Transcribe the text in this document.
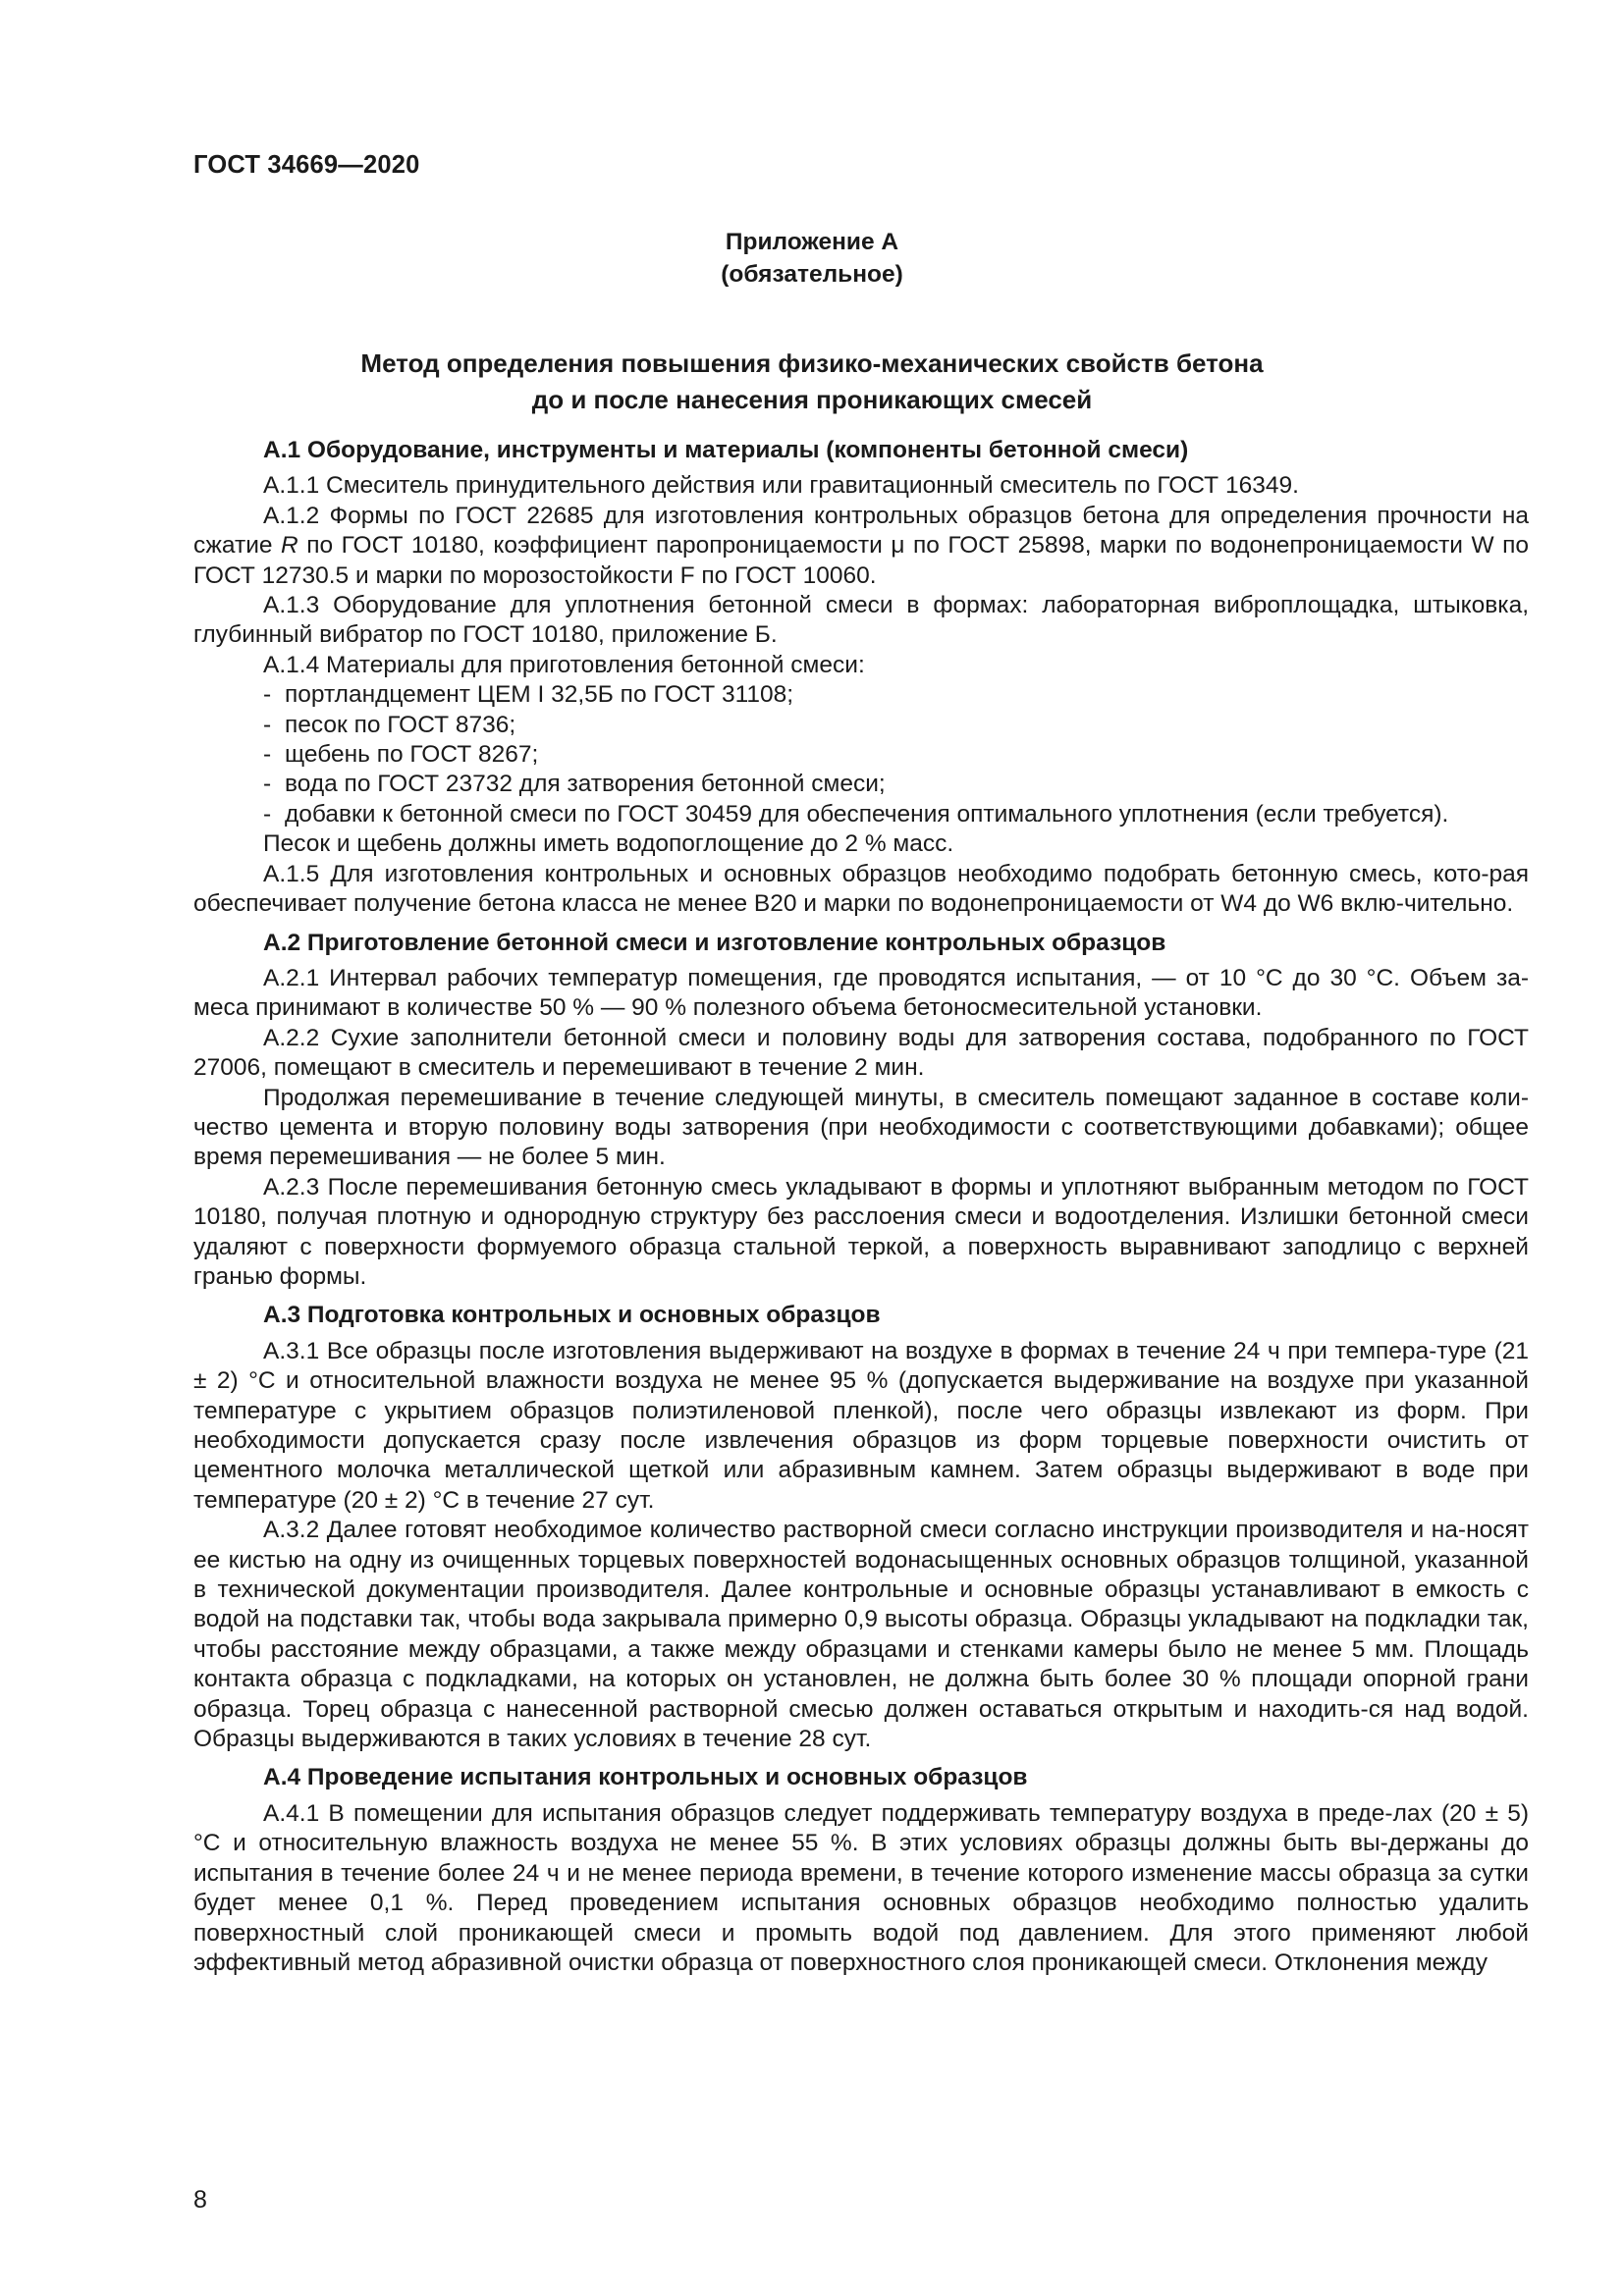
ГОСТ 34669—2020
Приложение А
(обязательное)
Метод определения повышения физико-механических свойств бетона
до и после нанесения проникающих смесей

А.1 Оборудование, инструменты и материалы (компоненты бетонной смеси)

А.1.1 Смеситель принудительного действия или гравитационный смеситель по ГОСТ 16349.

А.1.2 Формы по ГОСТ 22685 для изготовления контрольных образцов бетона для определения прочности на сжатие R по ГОСТ 10180, коэффициент паропроницаемости μ по ГОСТ 25898, марки по водонепроницаемости W по ГОСТ 12730.5 и марки по морозостойкости F по ГОСТ 10060.

А.1.3 Оборудование для уплотнения бетонной смеси в формах: лабораторная виброплощадка, штыковка, глубинный вибратор по ГОСТ 10180, приложение Б.

А.1.4 Материалы для приготовления бетонной смеси:

- портландцемент ЦЕМ I 32,5Б по ГОСТ 31108;
- песок по ГОСТ 8736;
- щебень по ГОСТ 8267;
- вода по ГОСТ 23732 для затворения бетонной смеси;
- добавки к бетонной смеси по ГОСТ 30459 для обеспечения оптимального уплотнения (если требуется).

Песок и щебень должны иметь водопоглощение до 2 % масс.

А.1.5 Для изготовления контрольных и основных образцов необходимо подобрать бетонную смесь, кото-рая обеспечивает получение бетона класса не менее В20 и марки по водонепроницаемости от W4 до W6 вклю-чительно.

А.2 Приготовление бетонной смеси и изготовление контрольных образцов

А.2.1 Интервал рабочих температур помещения, где проводятся испытания, — от 10 °С до 30 °С. Объем за-меса принимают в количестве 50 % — 90 % полезного объема бетоносмесительной установки.

А.2.2 Сухие заполнители бетонной смеси и половину воды для затворения состава, подобранного по ГОСТ 27006, помещают в смеситель и перемешивают в течение 2 мин.

Продолжая перемешивание в течение следующей минуты, в смеситель помещают заданное в составе коли-чество цемента и вторую половину воды затворения (при необходимости с соответствующими добавками); общее время перемешивания — не более 5 мин.

А.2.3 После перемешивания бетонную смесь укладывают в формы и уплотняют выбранным методом по ГОСТ 10180, получая плотную и однородную структуру без расслоения смеси и водоотделения. Излишки бетонной смеси удаляют с поверхности формуемого образца стальной теркой, а поверхность выравнивают заподлицо с верхней гранью формы.

А.3 Подготовка контрольных и основных образцов

А.3.1 Все образцы после изготовления выдерживают на воздухе в формах в течение 24 ч при темпера-туре (21 ± 2) °С и относительной влажности воздуха не менее 95 % (допускается выдерживание на воздухе при указанной температуре с укрытием образцов полиэтиленовой пленкой), после чего образцы извлекают из форм. При необходимости допускается сразу после извлечения образцов из форм торцевые поверхности очистить от цементного молочка металлической щеткой или абразивным камнем. Затем образцы выдерживают в воде при температуре (20 ± 2) °С в течение 27 сут.

А.3.2 Далее готовят необходимое количество растворной смеси согласно инструкции производителя и на-носят ее кистью на одну из очищенных торцевых поверхностей водонасыщенных основных образцов толщиной, указанной в технической документации производителя. Далее контрольные и основные образцы устанавливают в емкость с водой на подставки так, чтобы вода закрывала примерно 0,9 высоты образца. Образцы укладывают на подкладки так, чтобы расстояние между образцами, а также между образцами и стенками камеры было не менее 5 мм. Площадь контакта образца с подкладками, на которых он установлен, не должна быть более 30 % площади опорной грани образца. Торец образца с нанесенной растворной смесью должен оставаться открытым и находить-ся над водой. Образцы выдерживаются в таких условиях в течение 28 сут.

А.4 Проведение испытания контрольных и основных образцов

А.4.1 В помещении для испытания образцов следует поддерживать температуру воздуха в преде-лах (20 ± 5) °С и относительную влажность воздуха не менее 55 %. В этих условиях образцы должны быть вы-держаны до испытания в течение более 24 ч и не менее периода времени, в течение которого изменение массы образца за сутки будет менее 0,1 %. Перед проведением испытания основных образцов необходимо полностью удалить поверхностный слой проникающей смеси и промыть водой под давлением. Для этого применяют любой эффективный метод абразивной очистки образца от поверхностного слоя проникающей смеси. Отклонения между

8
